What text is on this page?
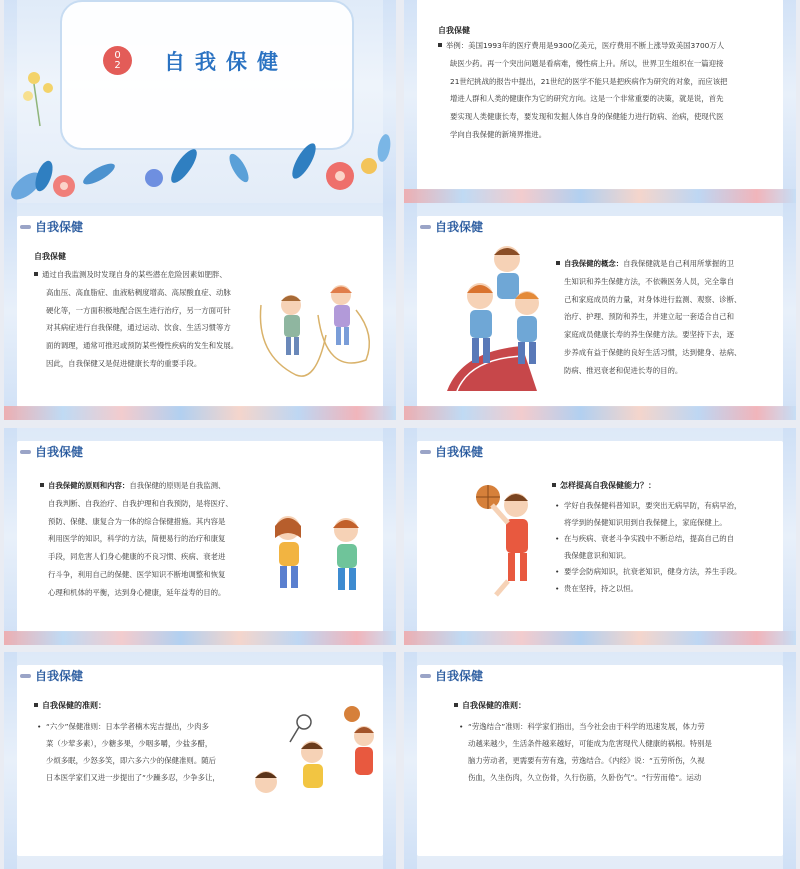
0
2 自我保健
自我保健
举例：美国1993年的医疗费用是9300亿美元，医疗费用不断上涨导致美国3700万人
缺医少药。再一个突出问题是看病难，慢性病上升。所以，世界卫生组织在一篇迎接
21世纪挑战的报告中提出，21世纪的医学不能只是把疾病作为研究的对象，而应该把
增进人群和人类的健康作为它的研究方向。这是一个非常重要的决策，就是说，首先
要实现人类健康长寿，要发现和发掘人体自身的保健能力进行防病、治病，使现代医
学向自我保健的新境界推进。
自我保健
自我保健
通过自我监测及时发现自身的某些潜在危险因素如肥胖、
高血压、高血脂症、血液粘稠度增高、高尿酸血症、动脉
硬化等，一方面积极地配合医生进行治疗，另一方面可针
对其病症进行自我保健，通过运动、饮食、生活习惯等方
面的调理，通常可推迟或预防某些慢性疾病的发生和发展。
因此，自我保健又是促进健康长寿的重要手段。
自我保健
自我保健的概念：自我保健就是自己利用所掌握的卫
生知识和养生保健方法，不依赖医务人员，完全靠自
己和家庭成员的力量，对身体进行监测、观察、诊断、
治疗、护理、预防和养生，并建立起一套适合自己和
家庭成员健康长寿的养生保健方法。要坚持下去，逐
步养成有益于保健的良好生活习惯，达到健身、祛病、
防病、推迟衰老和促进长寿的目的。
自我保健
自我保健的原则和内容：自我保健的原则是自我监测、
自我判断、自我治疗、自我护理和自我预防，是将医疗、
预防、保健、康复合为一体的综合保健措施。其内容是
利用医学的知识，科学的方法，简便易行的治疗和康复
手段，同危害人们身心健康的不良习惯、疾病、衰老进
行斗争，利用自己的保健、医学知识不断地调整和恢复
心理和机体的平衡，达到身心健康，延年益寿的目的。
自我保健
怎样提高自我保健能力？：
• 学好自我保健科普知识，要突出无病早防，有病早治，
将学到的保健知识用到自我保健上，家庭保健上。
• 在与疾病、衰老斗争实践中不断总结，提高自己的自
我保健意识和知识。
• 要学会防病知识，抗衰老知识，健身方法，养生手段。
• 贵在坚持，持之以恒。
自我保健
自我保健的准则：
• “六少”保健准则：日本学者楠木宪吉提出，少肉多
菜（少荤多素），少糖多果，少咽多嚼，少盐多醋，
少烦多眠，少怒多笑，即六多六少的保健准则。随后
日本医学家们又进一步提出了“少躁多忍，少争多让，
自我保健
自我保健的准则：
• “劳逸结合”准则：科学家们指出，当今社会由于科学的迅速发展，体力劳
动越来越少，生活条件越来越好，可能成为危害现代人健康的祸根。特别是
脑力劳动者，更需要有劳有逸，劳逸结合。《内经》说：“五劳所伤，久视
伤血，久坐伤肉，久立伤骨，久行伤筋，久卧伤气”。“行劳而倦”。运动
